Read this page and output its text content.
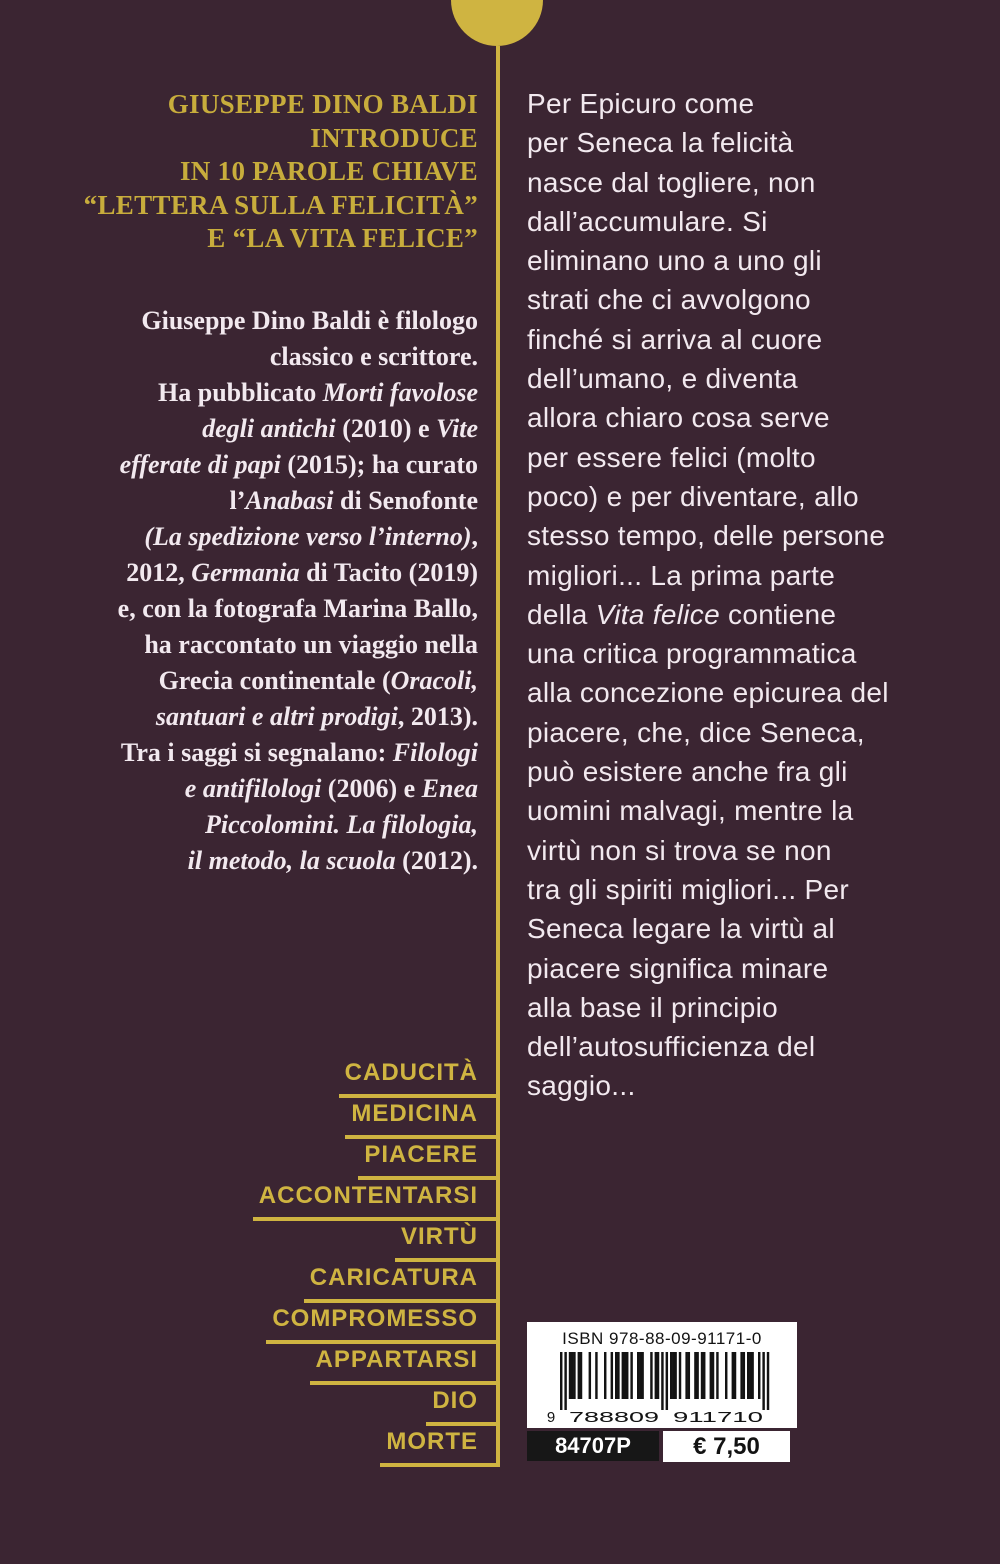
GIUSEPPE DINO BALDI
INTRODUCE
IN 10 PAROLE CHIAVE
“LETTERA SULLA FELICITÀ”
E “LA VITA FELICE”
Giuseppe Dino Baldi è filologo
classico e scrittore.
Ha pubblicato Morti favolose
degli antichi (2010) e Vite
efferate di papi (2015); ha curato
l’Anabasi di Senofonte
(La spedizione verso l’interno),
2012, Germania di Tacito (2019)
e, con la fotografa Marina Ballo,
ha raccontato un viaggio nella
Grecia continentale (Oracoli,
santuari e altri prodigi, 2013).
Tra i saggi si segnalano: Filologi
e antifilologi (2006) e Enea
Piccolomini. La filologia,
il metodo, la scuola (2012).
Per Epicuro come
per Seneca la felicità
nasce dal togliere, non
dall’accumulare. Si
eliminano uno a uno gli
strati che ci avvolgono
finché si arriva al cuore
dell’umano, e diventa
allora chiaro cosa serve
per essere felici (molto
poco) e per diventare, allo
stesso tempo, delle persone
migliori... La prima parte
della Vita felice contiene
una critica programmatica
alla concezione epicurea del
piacere, che, dice Seneca,
può esistere anche fra gli
uomini malvagi, mentre la
virtù non si trova se non
tra gli spiriti migliori... Per
Seneca legare la virtù al
piacere significa minare
alla base il principio
dell’autosufficienza del
saggio...
CADUCITÀ
MEDICINA
PIACERE
ACCONTENTARSI
VIRTÙ
CARICATURA
COMPROMESSO
APPARTARSI
DIO
MORTE
ISBN 978-88-09-91171-0
9 788809 911710
84707P	€ 7,50
